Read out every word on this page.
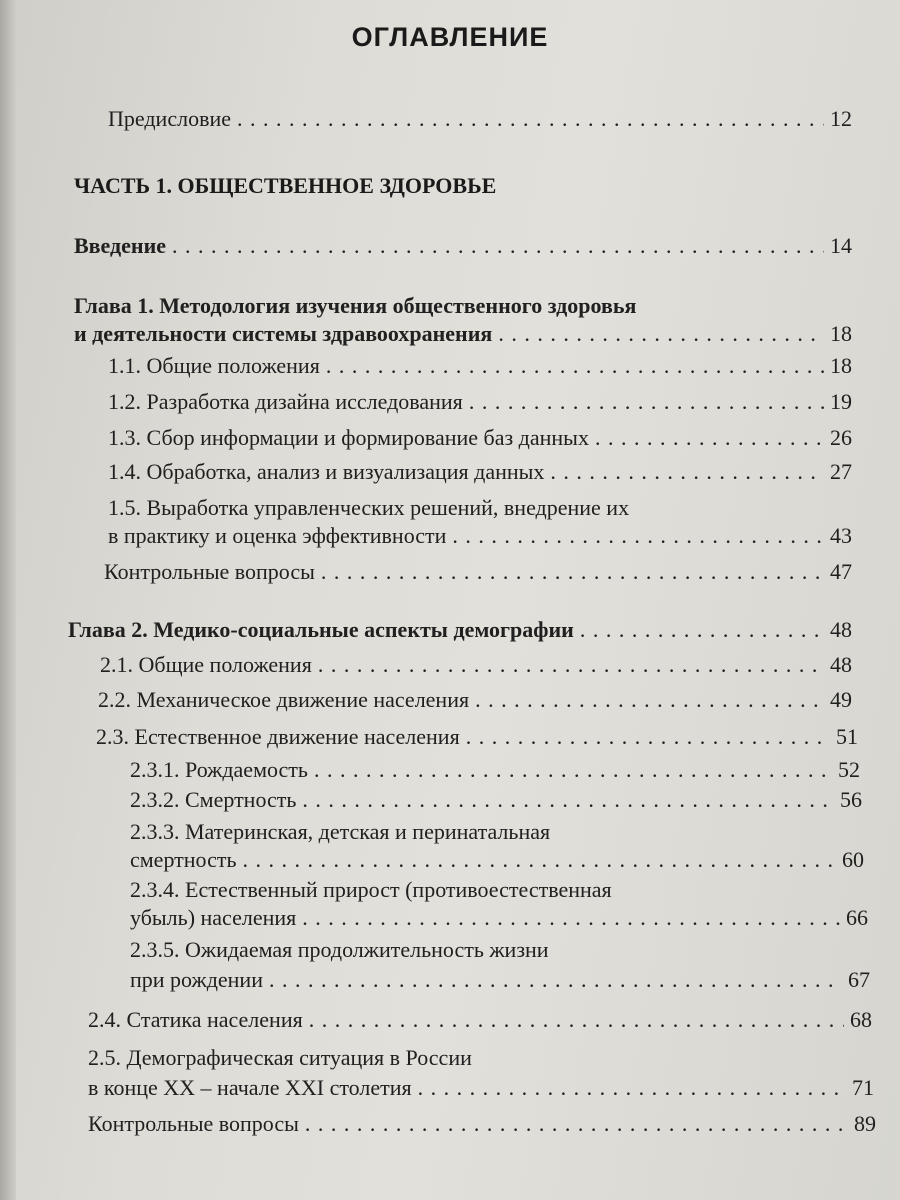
ОГЛАВЛЕНИЕ
Предисловие . . .	12
ЧАСТЬ 1. ОБЩЕСТВЕННОЕ ЗДОРОВЬЕ
Введение . . .	14
Глава 1. Методология изучения общественного здоровья
и деятельности системы здравоохранения . . .	18
1.1. Общие положения . . .	18
1.2. Разработка дизайна исследования . . .	19
1.3. Сбор информации и формирование баз данных . . .	26
1.4. Обработка, анализ и визуализация данных . . .	27
1.5. Выработка управленческих решений, внедрение их
в практику и оценка эффективности . . .	43
Контрольные вопросы . . .	47
Глава 2. Медико-социальные аспекты демографии . . .	48
2.1. Общие положения . . .	48
2.2. Механическое движение населения . . .	49
2.3. Естественное движение населения . . .	51
2.3.1. Рождаемость . . .	52
2.3.2. Смертность . . .	56
2.3.3. Материнская, детская и перинатальная
смертность . . .	60
2.3.4. Естественный прирост (противоестественная
убыль) населения . . .	66
2.3.5. Ожидаемая продолжительность жизни
при рождении . . .	67
2.4. Статика населения . . .	68
2.5. Демографическая ситуация в России
в конце XX – начале XXI столетия . . .	71
Контрольные вопросы . . .	89
